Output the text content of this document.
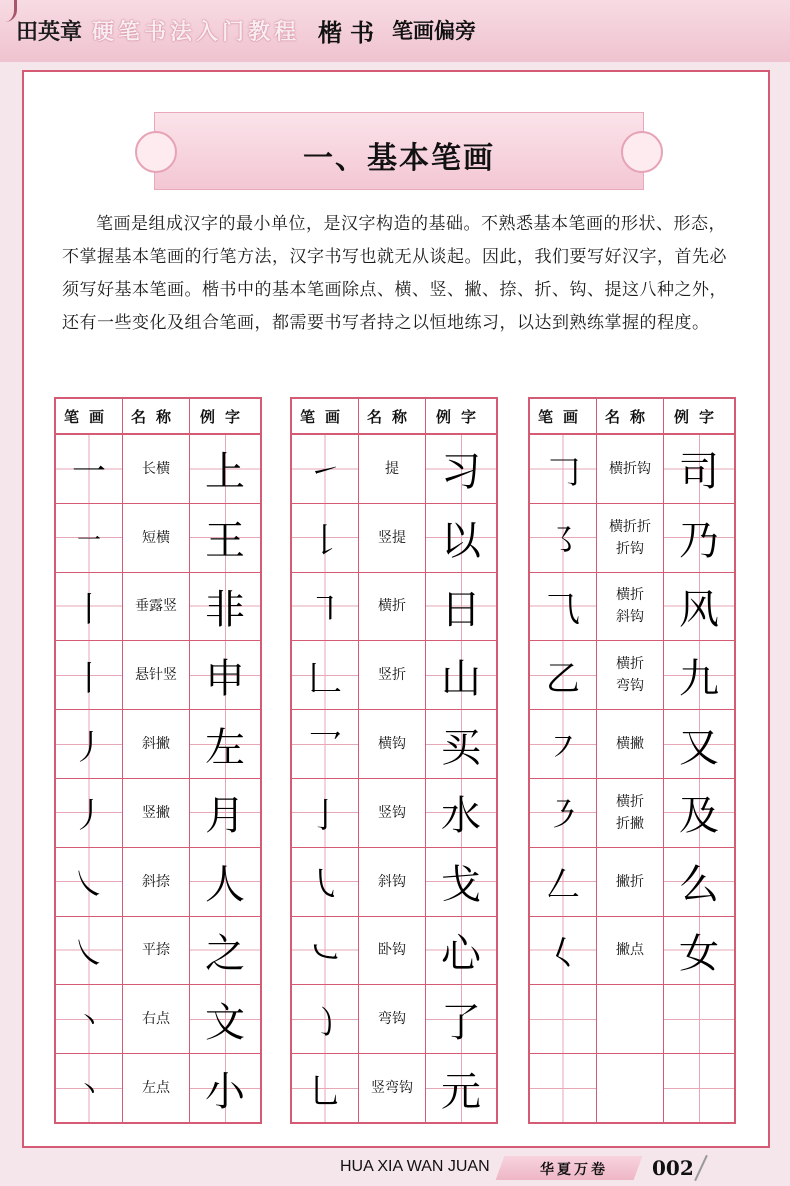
田英章 硬笔书法入门教程 楷书 笔画偏旁
一、基本笔画
笔画是组成汉字的最小单位，是汉字构造的基础。不熟悉基本笔画的形状、形态，不掌握基本笔画的行笔方法，汉字书写也就无从谈起。因此，我们要写好汉字，首先必须写好基本笔画。楷书中的基本笔画除点、横、竖、撇、捺、折、钩、提这八种之外，还有一些变化及组合笔画，都需要书写者持之以恒地练习，以达到熟练掌握的程度。
笔画	名称	例字
一	长横	上
一	短横	王
丨	垂露竖	非
丨	悬针竖	申
丿	斜撇	左
丿	竖撇	月
㇏	斜捺	人
㇏	平捺	之
丶	右点	文
丶	左点	小
笔画	名称	例字
㇀	提	习
𠄌	竖提	以
㇕	横折	日
𠃊	竖折	山
乛	横钩	买
亅	竖钩	水
㇂	斜钩	戈
㇃	卧钩	心
㇁	弯钩	了
乚	竖弯钩	元
笔画	名称	例字
𠃌	横折钩	司
㇌	横折折折钩	乃
⺄	横折斜钩	风
乙	横折弯钩	九
㇇	横撇	又
㇋	横折折撇	及
𠃋	撇折	么
𡿨	撇点	女

HUA XIA WAN JUAN	华夏万卷 002
